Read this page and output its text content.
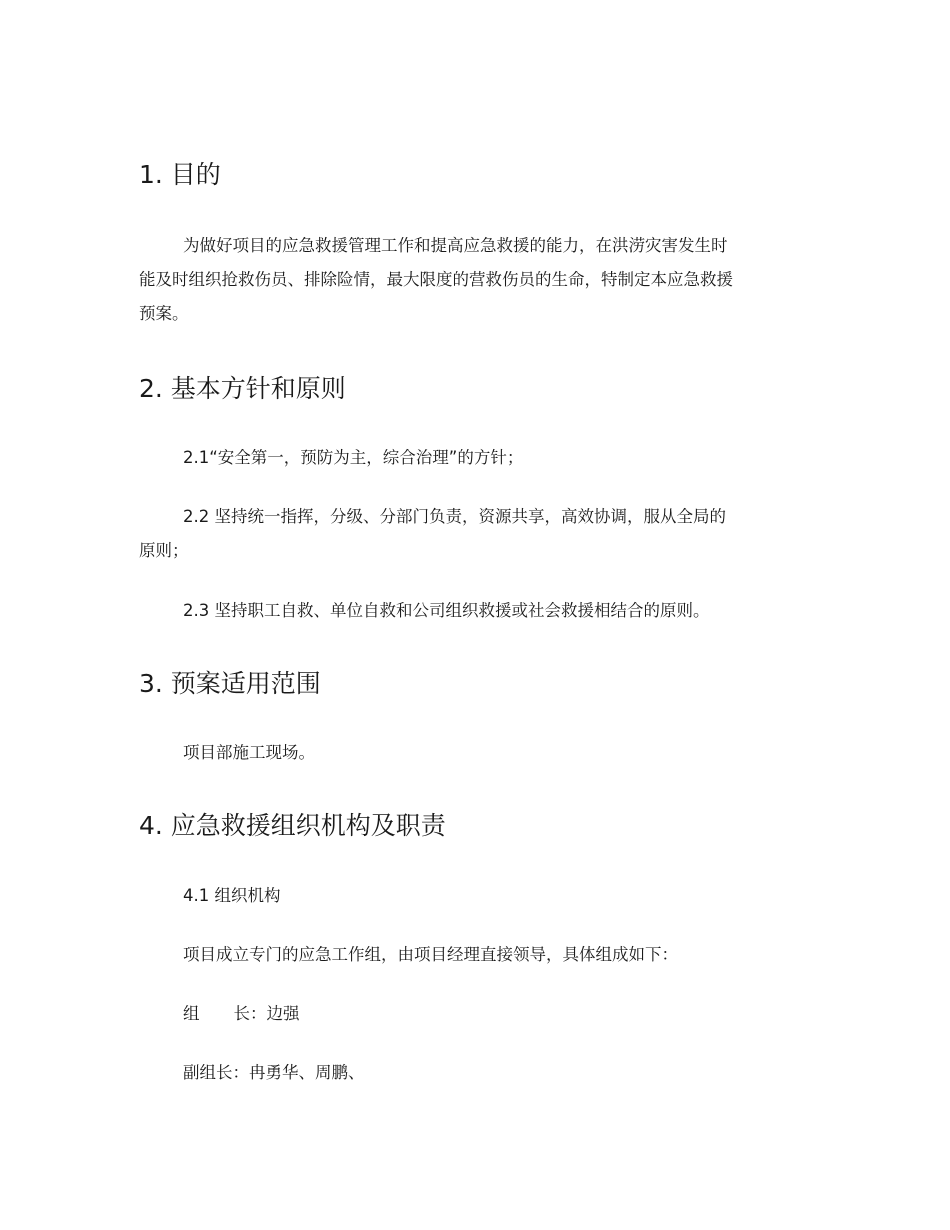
1. 目的

为做好项目的应急救援管理工作和提高应急救援的能力，在洪涝灾害发生时

能及时组织抢救伤员、排除险情，最大限度的营救伤员的生命，特制定本应急救援

预案。

2. 基本方针和原则

2.1“安全第一，预防为主，综合治理”的方针；

2.2 坚持统一指挥，分级、分部门负责，资源共享，高效协调，服从全局的

原则；

2.3 坚持职工自救、单位自救和公司组织救援或社会救援相结合的原则。

3. 预案适用范围

项目部施工现场。

4. 应急救援组织机构及职责

4.1 组织机构

项目成立专门的应急工作组，由项目经理直接领导，具体组成如下：

组 长：边强

副组长：冉勇华、周鹏、
